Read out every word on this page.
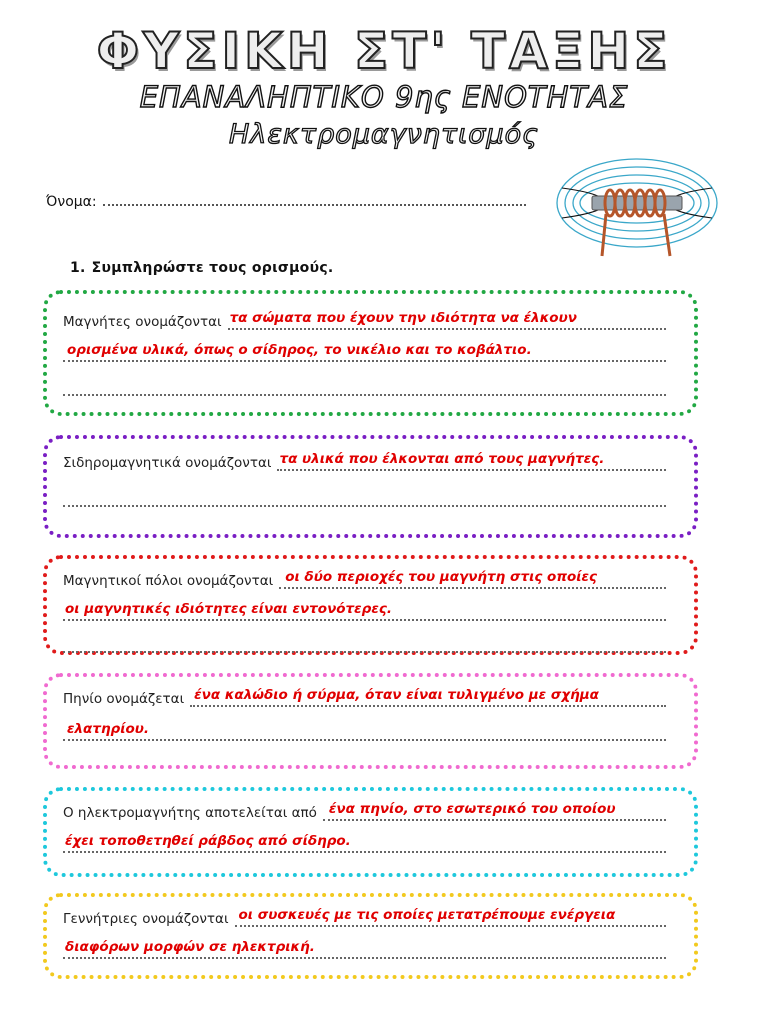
ΦΥΣΙΚΗ ΣΤ' ΤΑΞΗΣ
ΕΠΑΝΑΛΗΠΤΙΚΟ 9ης ΕΝΟΤΗΤΑΣ
Ηλεκτρομαγνητισμός
Όνομα:
1. Συμπληρώστε τους ορισμούς.
Μαγνήτες ονομάζονται τα σώματα που έχουν την ιδιότητα να έλκουν
ορισμένα υλικά, όπως ο σίδηρος, το νικέλιο και το κοβάλτιο.
Σιδηρομαγνητικά ονομάζονται τα υλικά που έλκονται από τους μαγνήτες.
Μαγνητικοί πόλοι ονομάζονται οι δύο περιοχές του μαγνήτη στις οποίες
οι μαγνητικές ιδιότητες είναι εντονότερες.
Πηνίο ονομάζεται ένα καλώδιο ή σύρμα, όταν είναι τυλιγμένο με σχήμα
ελατηρίου.
Ο ηλεκτρομαγνήτης αποτελείται από ένα πηνίο, στο εσωτερικό του οποίου
έχει τοποθετηθεί ράβδος από σίδηρο.
Γεννήτριες ονομάζονται οι συσκευές με τις οποίες μετατρέπουμε ενέργεια
διαφόρων μορφών σε ηλεκτρική.
